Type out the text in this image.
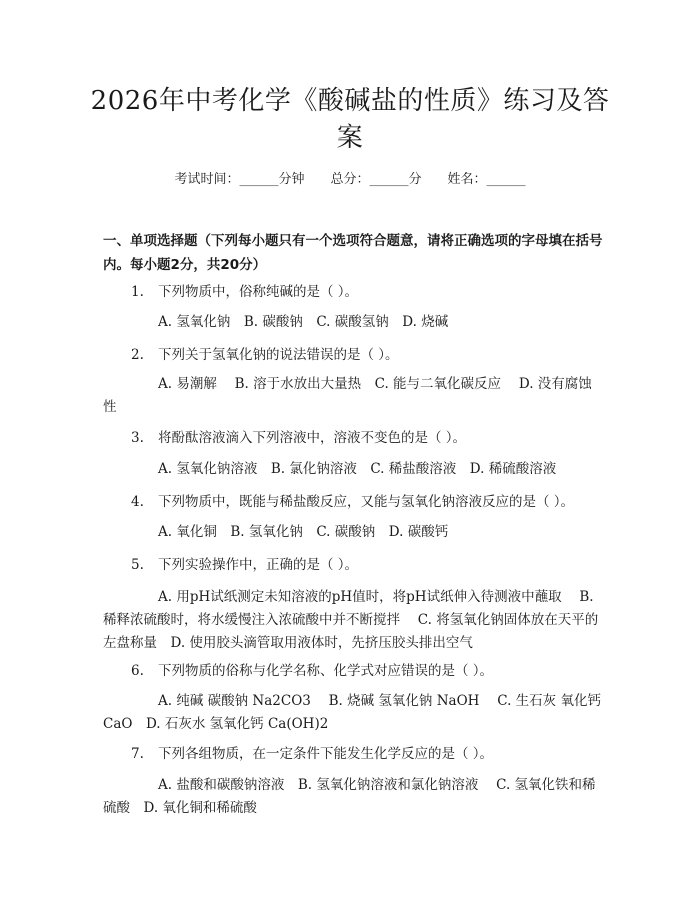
2026年中考化学《酸碱盐的性质》练习及答案
考试时间：______分钟　　总分：______分　　姓名：______
一、单项选择题（下列每小题只有一个选项符合题意，请将正确选项的字母填在括号内。每小题2分，共20分）
1. 下列物质中，俗称纯碱的是（ ）。
A. 氢氧化钠　B. 碳酸钠　C. 碳酸氢钠　D. 烧碱
2. 下列关于氢氧化钠的说法错误的是（ ）。
A. 易潮解　 B. 溶于水放出大量热　C. 能与二氧化碳反应　 D. 没有腐蚀性
3. 将酚酞溶液滴入下列溶液中，溶液不变色的是（ ）。
A. 氢氧化钠溶液　B. 氯化钠溶液　C. 稀盐酸溶液　D. 稀硫酸溶液
4. 下列物质中，既能与稀盐酸反应，又能与氢氧化钠溶液反应的是（ ）。
A. 氧化铜　B. 氢氧化钠　C. 碳酸钠　D. 碳酸钙
5. 下列实验操作中，正确的是（ ）。
A. 用pH试纸测定未知溶液的pH值时，将pH试纸伸入待测液中蘸取　 B. 稀释浓硫酸时，将水缓慢注入浓硫酸中并不断搅拌　 C. 将氢氧化钠固体放在天平的左盘称量　D. 使用胶头滴管取用液体时，先挤压胶头排出空气
6. 下列物质的俗称与化学名称、化学式对应错误的是（ ）。
A. 纯碱 碳酸钠 Na2CO3　 B. 烧碱 氢氧化钠 NaOH　 C. 生石灰 氧化钙 CaO　D. 石灰水 氢氧化钙 Ca(OH)2
7. 下列各组物质，在一定条件下能发生化学反应的是（ ）。
A. 盐酸和碳酸钠溶液　B. 氢氧化钠溶液和氯化钠溶液　 C. 氢氧化铁和稀硫酸　D. 氧化铜和稀硫酸
